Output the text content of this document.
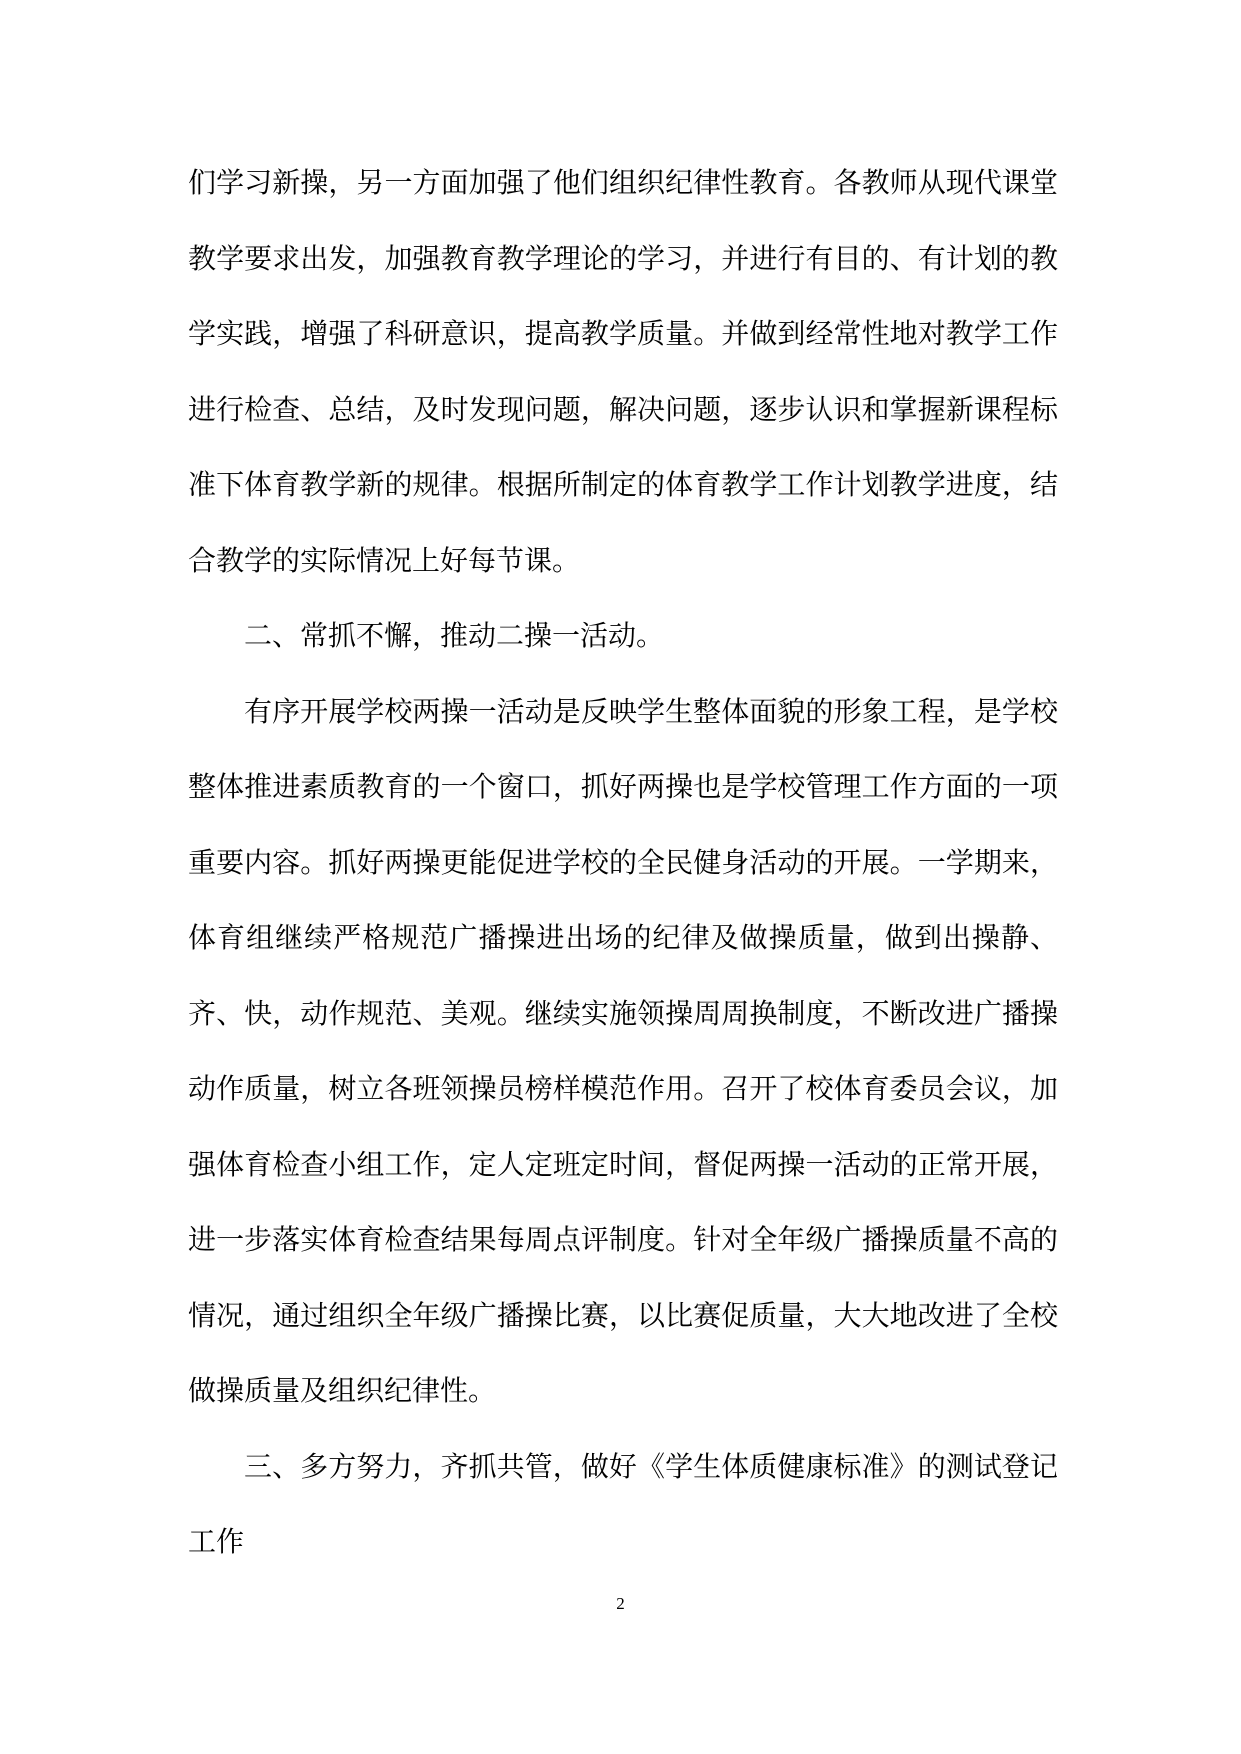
们学习新操，另一方面加强了他们组织纪律性教育。各教师从现代课堂教学要求出发，加强教育教学理论的学习，并进行有目的、有计划的教学实践，增强了科研意识，提高教学质量。并做到经常性地对教学工作进行检查、总结，及时发现问题，解决问题，逐步认识和掌握新课程标准下体育教学新的规律。根据所制定的体育教学工作计划教学进度，结合教学的实际情况上好每节课。

二、常抓不懈，推动二操一活动。

有序开展学校两操一活动是反映学生整体面貌的形象工程，是学校整体推进素质教育的一个窗口，抓好两操也是学校管理工作方面的一项重要内容。抓好两操更能促进学校的全民健身活动的开展。一学期来，体育组继续严格规范广播操进出场的纪律及做操质量，做到出操静、齐、快，动作规范、美观。继续实施领操周周换制度，不断改进广播操动作质量，树立各班领操员榜样模范作用。召开了校体育委员会议，加强体育检查小组工作，定人定班定时间，督促两操一活动的正常开展，进一步落实体育检查结果每周点评制度。针对全年级广播操质量不高的情况，通过组织全年级广播操比赛，以比赛促质量，大大地改进了全校做操质量及组织纪律性。

三、多方努力，齐抓共管，做好《学生体质健康标准》的测试登记工作

2
